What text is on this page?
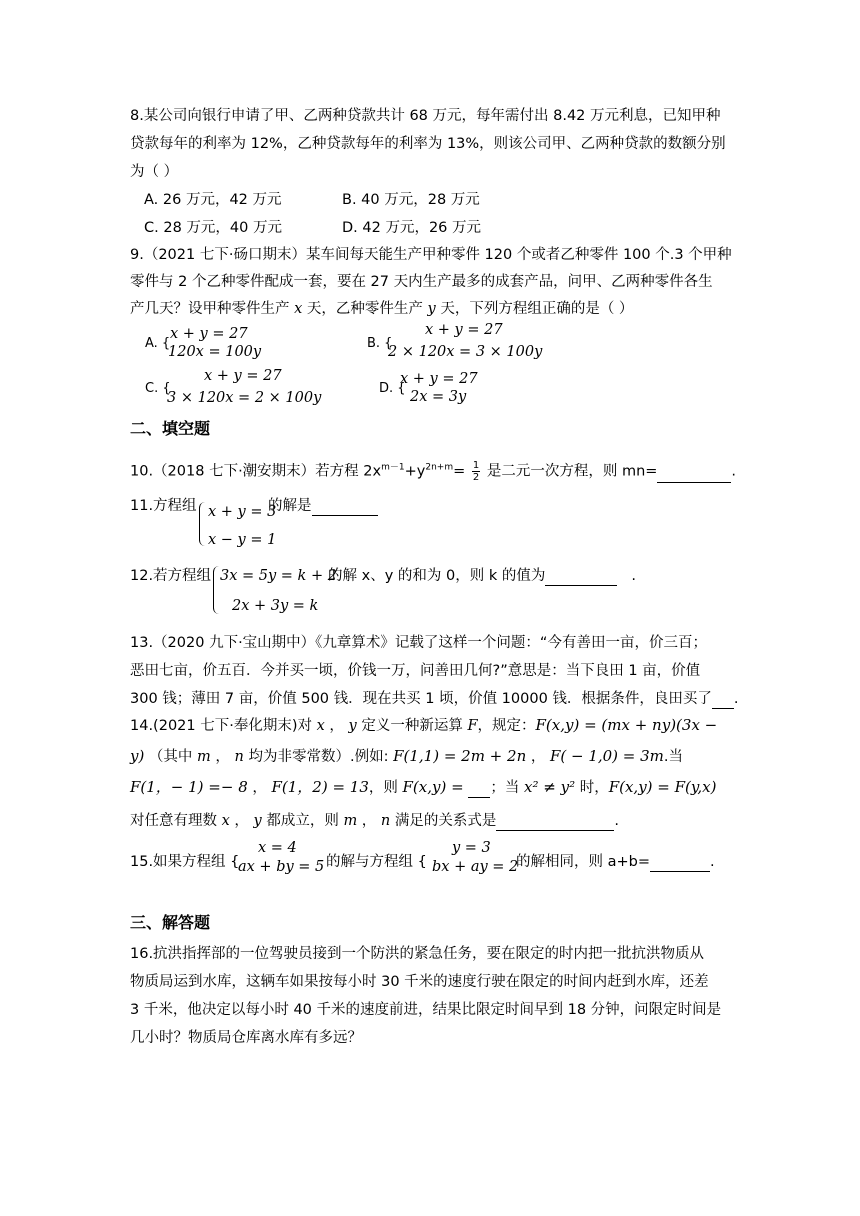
8.某公司向银行申请了甲、乙两种贷款共计 68 万元，每年需付出 8.42 万元利息，已知甲种
贷款每年的利率为 12%，乙种贷款每年的利率为 13%，则该公司甲、乙两种贷款的数额分别
为（ ）
A. 26 万元，42 万元	B. 40 万元，28 万元
C. 28 万元，40 万元	D. 42 万元，26 万元
9.（2021 七下·砀口期末）某车间每天能生产甲种零件 120 个或者乙种零件 100 个.3 个甲种
零件与 2 个乙种零件配成一套，要在 27 天内生产最多的成套产品，问甲、乙两种零件各生
产几天？设甲种零件生产 x 天，乙种零件生产 y 天，下列方程组正确的是（ ）
A. {
x + y = 27
120x = 100y
B. {
x + y = 27
2 × 120x = 3 × 100y
C. {
x + y = 27
3 × 120x = 2 × 100y
D. {
x + y = 27
2x = 3y
二、填空题
10.（2018 七下·潮安期末）若方程 $2x^{m-1}+y^{2n+m}= \frac{1}{2}$ 是二元一次方程，则 mn=	.
11.方程组 x + y = 3
x − y = 1
的解是
12.若方程组 3x = 5y = k + 2
2x + 3y = k
的解 x、y 的和为 0，则 k 的值为	.
13.（2020 九下·宝山期中）《九章算术》记载了这样一个问题：“今有善田一亩，价三百；
恶田七亩，价五百．今并买一顷，价钱一万，问善田几何?”意思是：当下良田 1 亩，价值
300 钱；薄田 7 亩，价值 500 钱．现在共买 1 顷，价值 10000 钱．根据条件，良田买了 .
14.(2021 七下·奉化期末)对 x ， y 定义一种新运算 F，规定：F(x,y) = (mx + ny)(3x −
y) （其中 m ， n 均为非零常数）.例如: F(1,1) = 2m + 2n ， F( − 1,0) = 3m.当
F(1，− 1) =− 8 ， F(1，2) = 13，则 F(x,y) = ；当 x² ≠ y² 时，F(x,y) = F(y,x)
对任意有理数 x ， y 都成立，则 m ， n 满足的关系式是	.
15.如果方程组 {
x = 4
ax + by = 5 的解与方程组 {
y = 3
bx + ay = 2
的解相同，则 a+b=	.
三、解答题
16.抗洪指挥部的一位驾驶员接到一个防洪的紧急任务，要在限定的时内把一批抗洪物质从
物质局运到水库，这辆车如果按每小时 30 千米的速度行驶在限定的时间内赶到水库，还差
3 千米，他决定以每小时 40 千米的速度前进，结果比限定时间早到 18 分钟，问限定时间是
几小时？物质局仓库离水库有多远？
